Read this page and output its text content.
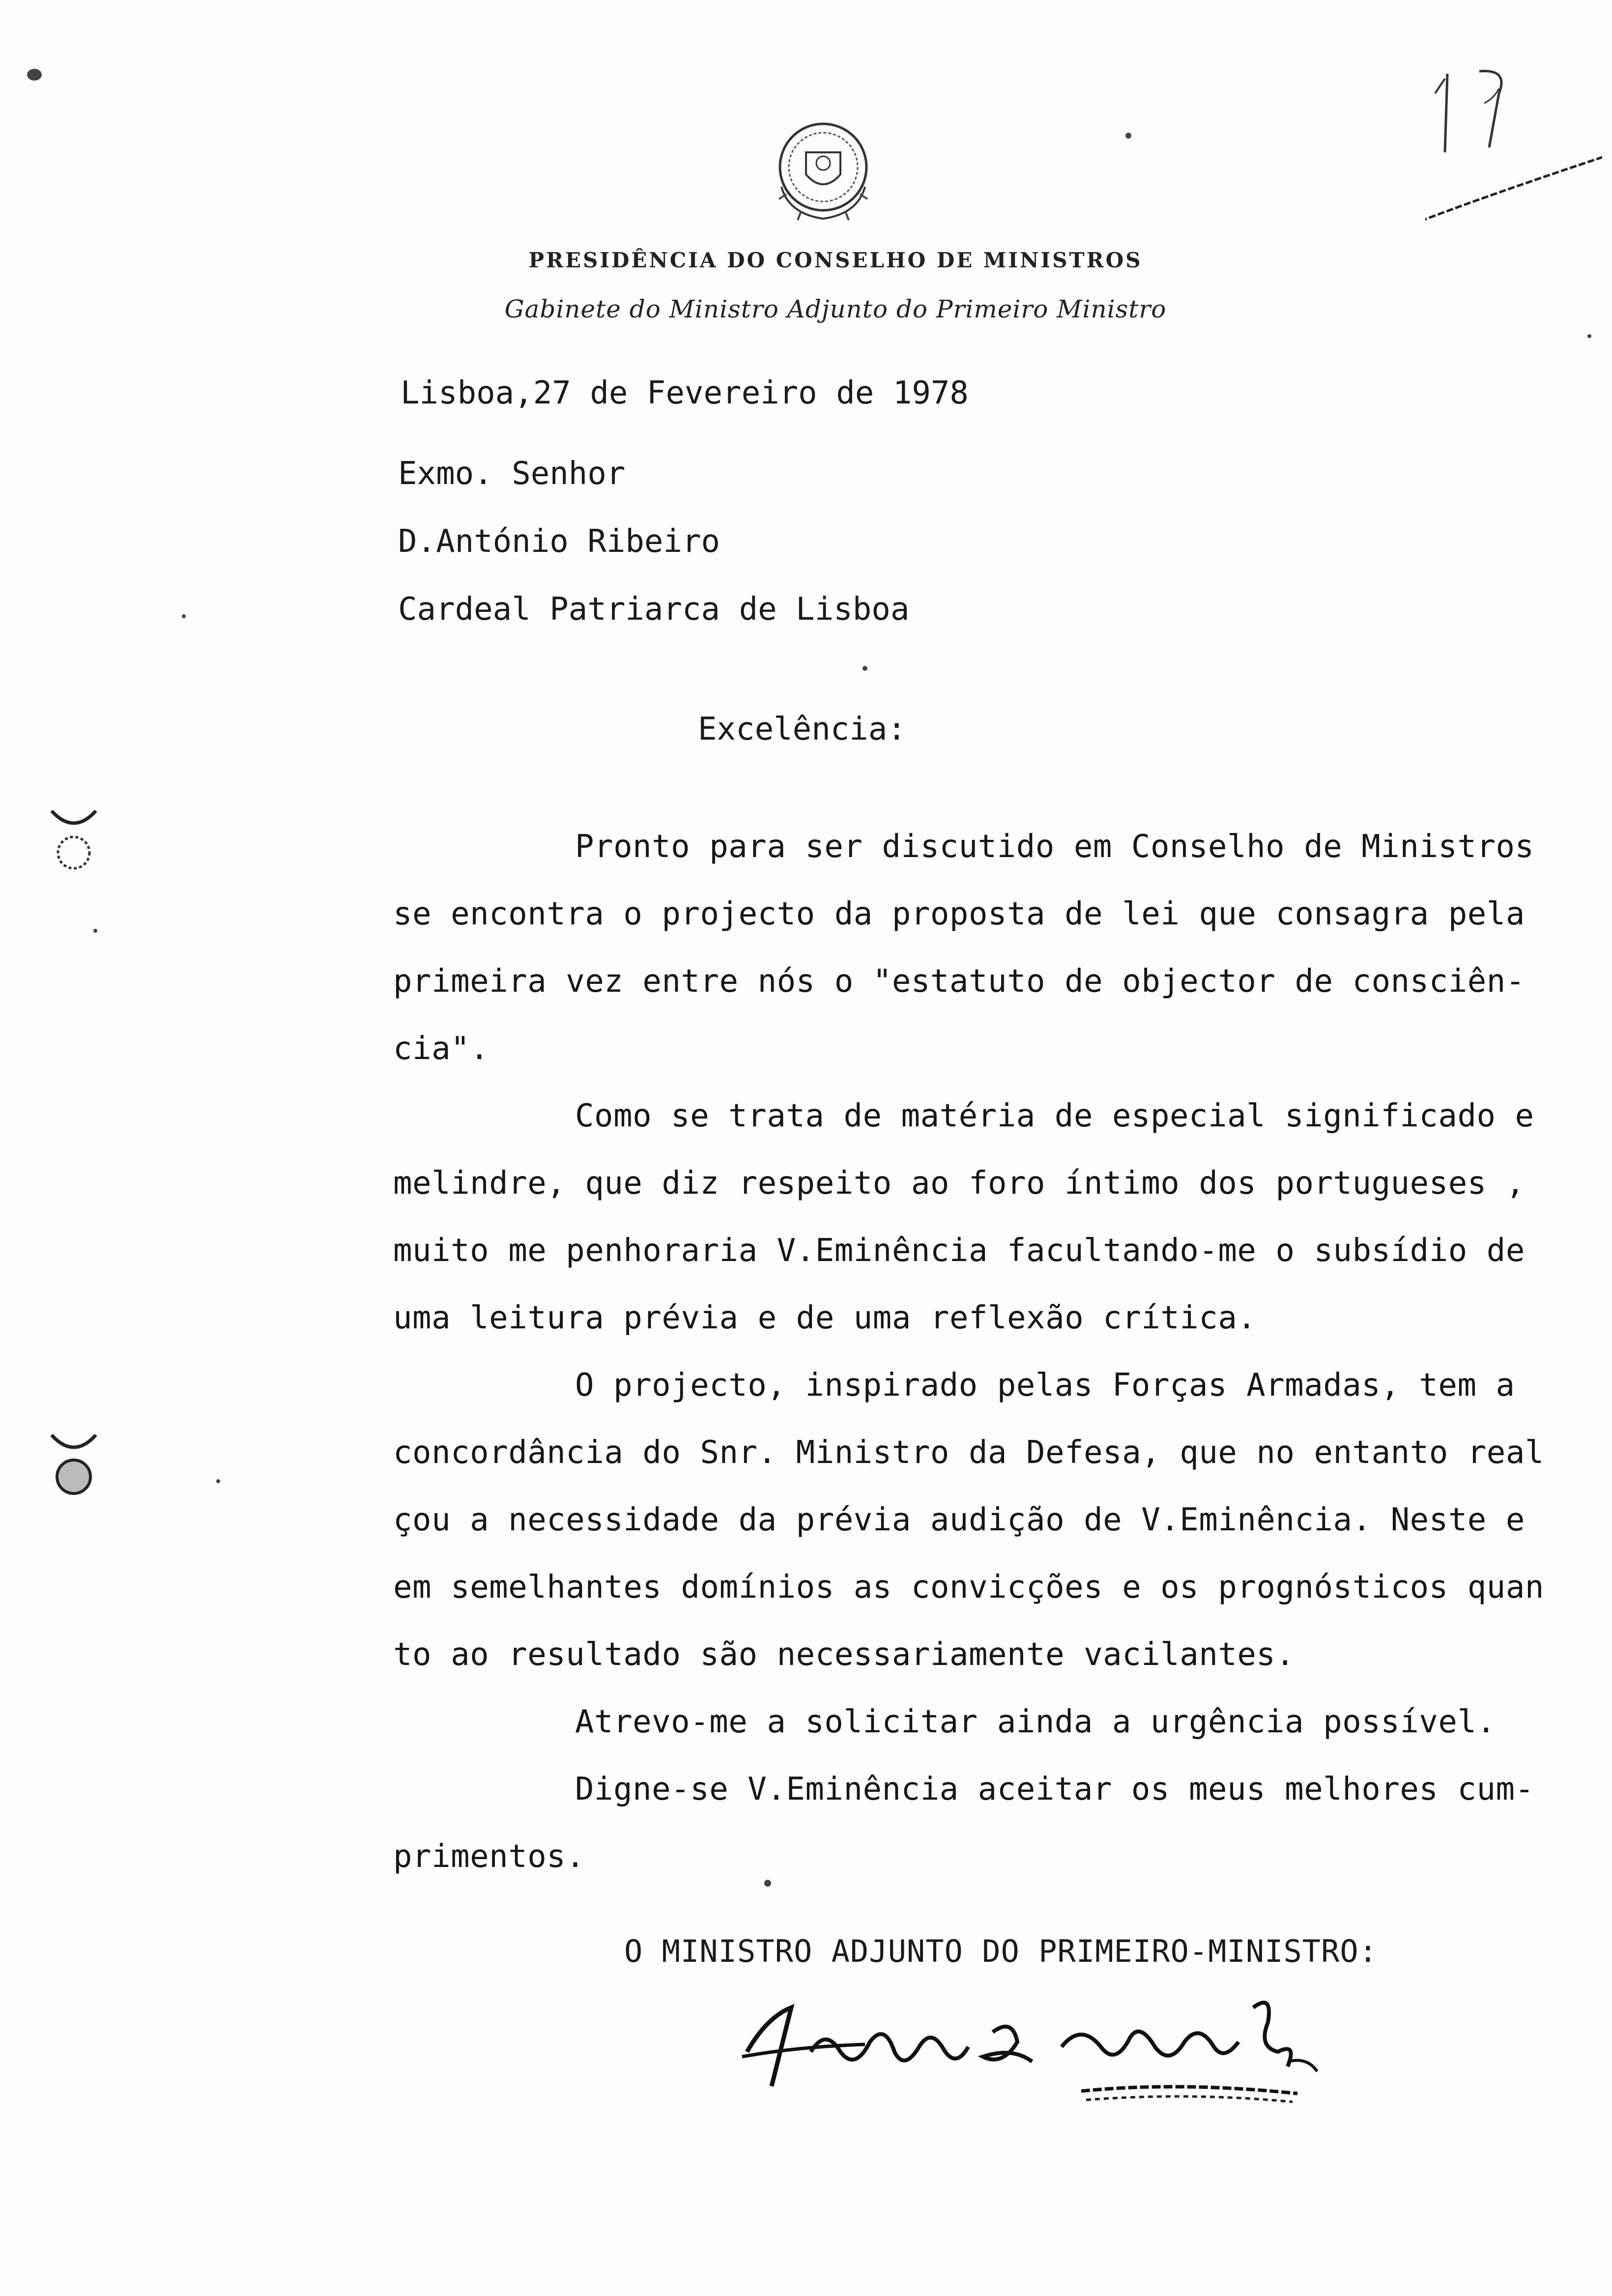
PRESIDÊNCIA DO CONSELHO DE MINISTROS
Gabinete do Ministro Adjunto do Primeiro Ministro
Lisboa,27 de Fevereiro de 1978
Exmo. Senhor
D.António Ribeiro
Cardeal Patriarca de Lisboa
Excelência:
Pronto para ser discutido em Conselho de Ministros
se encontra o projecto da proposta de lei que consagra pela
primeira vez entre nós o "estatuto de objector de consciên-
cia".
Como se trata de matéria de especial significado e
melindre, que diz respeito ao foro íntimo dos portugueses ,
muito me penhoraria V.Eminência facultando-me o subsídio de
uma leitura prévia e de uma reflexão crítica.
O projecto, inspirado pelas Forças Armadas, tem a
concordância do Snr. Ministro da Defesa, que no entanto real
çou a necessidade da prévia audição de V.Eminência. Neste e
em semelhantes domínios as convicções e os prognósticos quan
to ao resultado são necessariamente vacilantes.
Atrevo-me a solicitar ainda a urgência possível.
Digne-se V.Eminência aceitar os meus melhores cum-
primentos.
O MINISTRO ADJUNTO DO PRIMEIRO-MINISTRO:
